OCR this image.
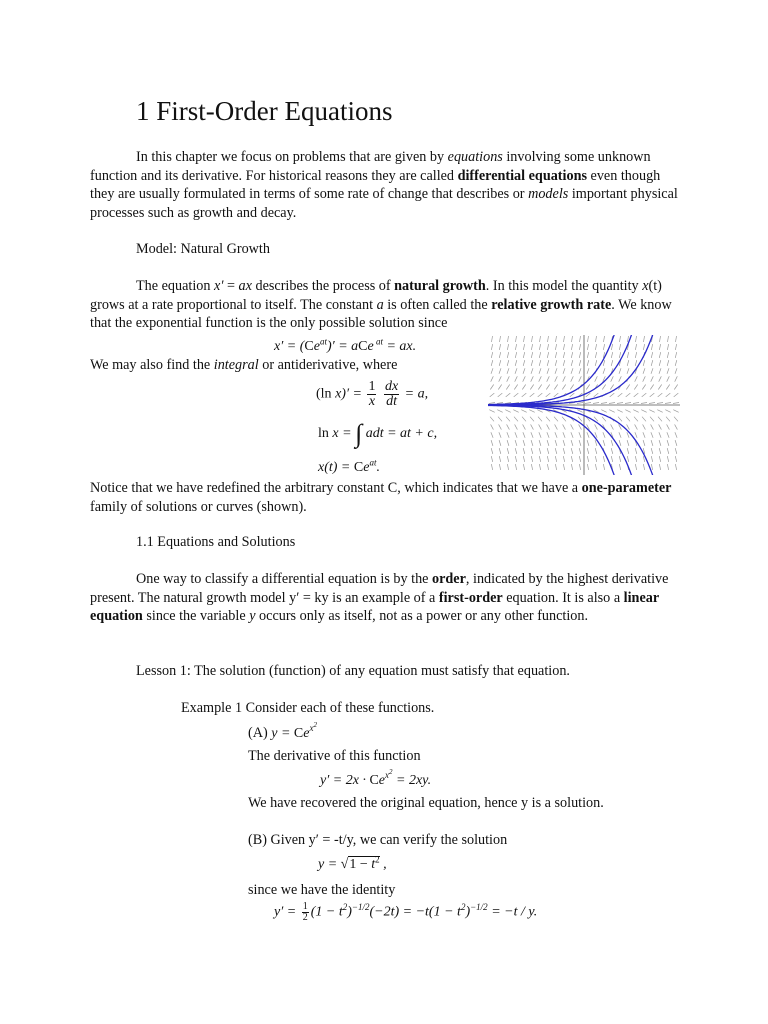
1 First-Order Equations

In this chapter we focus on problems that are given by equations involving some unknown function and its derivative. For historical reasons they are called differential equations even though they are usually formulated in terms of some rate of change that describes or models important physical processes such as growth and decay.

Model: Natural Growth

The equation x′ = ax describes the process of natural growth. In this model the quantity x(t) grows at a rate proportional to itself. The constant a is often called the relative growth rate. We know that the exponential function is the only possible solution since

$x' = (Ce^{at})'$ = aCe $^{at}$ = ax.
We may also find the integral or antiderivative, where
(ln $x)' = \frac{1}{x}$
$\frac{dx}{dt} = a$,
ln x = ∫ adt = at + c,
$x(t) = Ce^{at}$.

Notice that we have redefined the arbitrary constant C, which indicates that we have a one-parameter family of solutions or curves (shown).

1.1 Equations and Solutions

One way to classify a differential equation is by the order, indicated by the highest derivative present. The natural growth model y′ = ky is an example of a first-order equation. It is also a linear equation since the variable y occurs only as itself, not as a power or any other function.

Lesson 1: The solution (function) of any equation must satisfy that equation.
Example 1 Consider each of these functions.
(A) $y = Ce^{x^2}$
The derivative of this function
$y' = 2x \cdot Ce^{x^2} = 2xy$.
We have recovered the original equation, hence y is a solution.
(B) Given y′ = -t/y, we can verify the solution
$y = √1 - t^2$ ,
since we have the identity
$y' = \frac{1}{2} (1 - t^2)^{-1/2}(-2t) = -t(1 - t^2)^{-1/2} = -t / y$.
